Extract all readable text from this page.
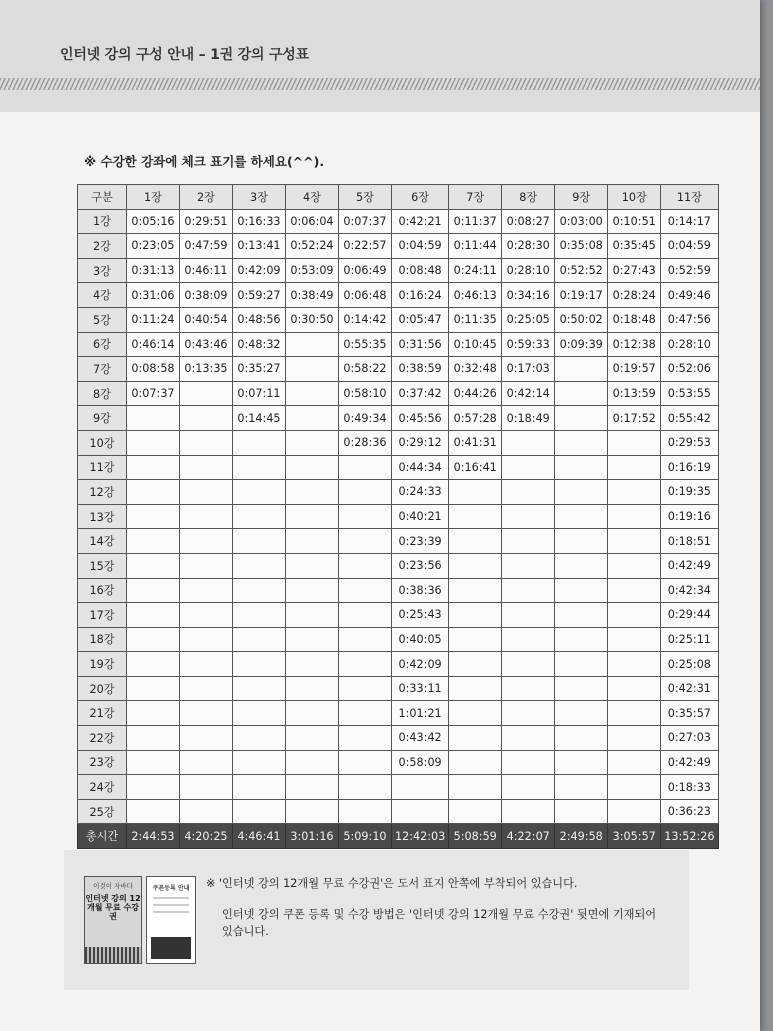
인터넷 강의 구성 안내 – 1권 강의 구성표
※ 수강한 강좌에 체크 표기를 하세요(^^).
구분	1장	2장	3장	4장	5장	6장	7장	8장	9장	10장	11장
1강	0:05:16	0:29:51	0:16:33	0:06:04	0:07:37	0:42:21	0:11:37	0:08:27	0:03:00	0:10:51	0:14:17
2강	0:23:05	0:47:59	0:13:41	0:52:24	0:22:57	0:04:59	0:11:44	0:28:30	0:35:08	0:35:45	0:04:59
3강	0:31:13	0:46:11	0:42:09	0:53:09	0:06:49	0:08:48	0:24:11	0:28:10	0:52:52	0:27:43	0:52:59
4강	0:31:06	0:38:09	0:59:27	0:38:49	0:06:48	0:16:24	0:46:13	0:34:16	0:19:17	0:28:24	0:49:46
5강	0:11:24	0:40:54	0:48:56	0:30:50	0:14:42	0:05:47	0:11:35	0:25:05	0:50:02	0:18:48	0:47:56
6강	0:46:14	0:43:46	0:48:32		0:55:35	0:31:56	0:10:45	0:59:33	0:09:39	0:12:38	0:28:10
7강	0:08:58	0:13:35	0:35:27		0:58:22	0:38:59	0:32:48	0:17:03		0:19:57	0:52:06
8강	0:07:37		0:07:11		0:58:10	0:37:42	0:44:26	0:42:14		0:13:59	0:53:55
9강			0:14:45		0:49:34	0:45:56	0:57:28	0:18:49		0:17:52	0:55:42
10강					0:28:36	0:29:12	0:41:31				0:29:53
11강						0:44:34	0:16:41				0:16:19
12강						0:24:33					0:19:35
13강						0:40:21					0:19:16
14강						0:23:39					0:18:51
15강						0:23:56					0:42:49
16강						0:38:36					0:42:34
17강						0:25:43					0:29:44
18강						0:40:05					0:25:11
19강						0:42:09					0:25:08
20강						0:33:11					0:42:31
21강						1:01:21					0:35:57
22강						0:43:42					0:27:03
23강						0:58:09					0:42:49
24강											0:18:33
25강											0:36:23
총시간	2:44:53	4:20:25	4:46:41	3:01:16	5:09:10	12:42:03	5:08:59	4:22:07	2:49:58	3:05:57	13:52:26
이것이 자바다
인터넷 강의 12개월 무료 수강권
쿠폰등록 안내	※ '인터넷 강의 12개월 무료 수강권'은 도서 표지 안쪽에 부착되어 있습니다.
인터넷 강의 쿠폰 등록 및 수강 방법은 '인터넷 강의 12개월 무료 수강권' 뒷면에 기재되어 있습니다.
